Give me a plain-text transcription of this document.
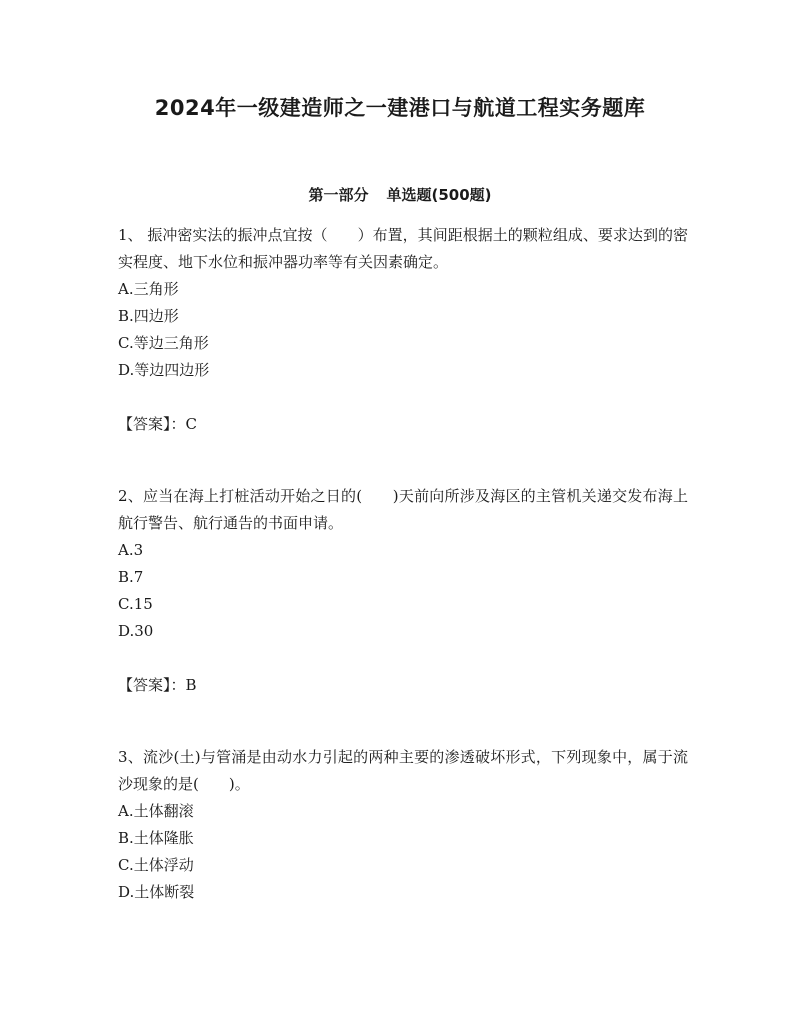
2024年一级建造师之一建港口与航道工程实务题库
第一部分 单选题(500题)

1、 振冲密实法的振冲点宜按（　　）布置，其间距根据土的颗粒组成、要求达到的密实程度、地下水位和振冲器功率等有关因素确定。

A.三角形
B.四边形
C.等边三角形
D.等边四边形
【答案】：C

2、应当在海上打桩活动开始之日的(　　)天前向所涉及海区的主管机关递交发布海上航行警告、航行通告的书面申请。

A.3
B.7
C.15
D.30
【答案】：B

3、流沙(土)与管涌是由动水力引起的两种主要的渗透破坏形式，下列现象中，属于流沙现象的是(　　)。

A.土体翻滚
B.土体隆胀
C.土体浮动
D.土体断裂
